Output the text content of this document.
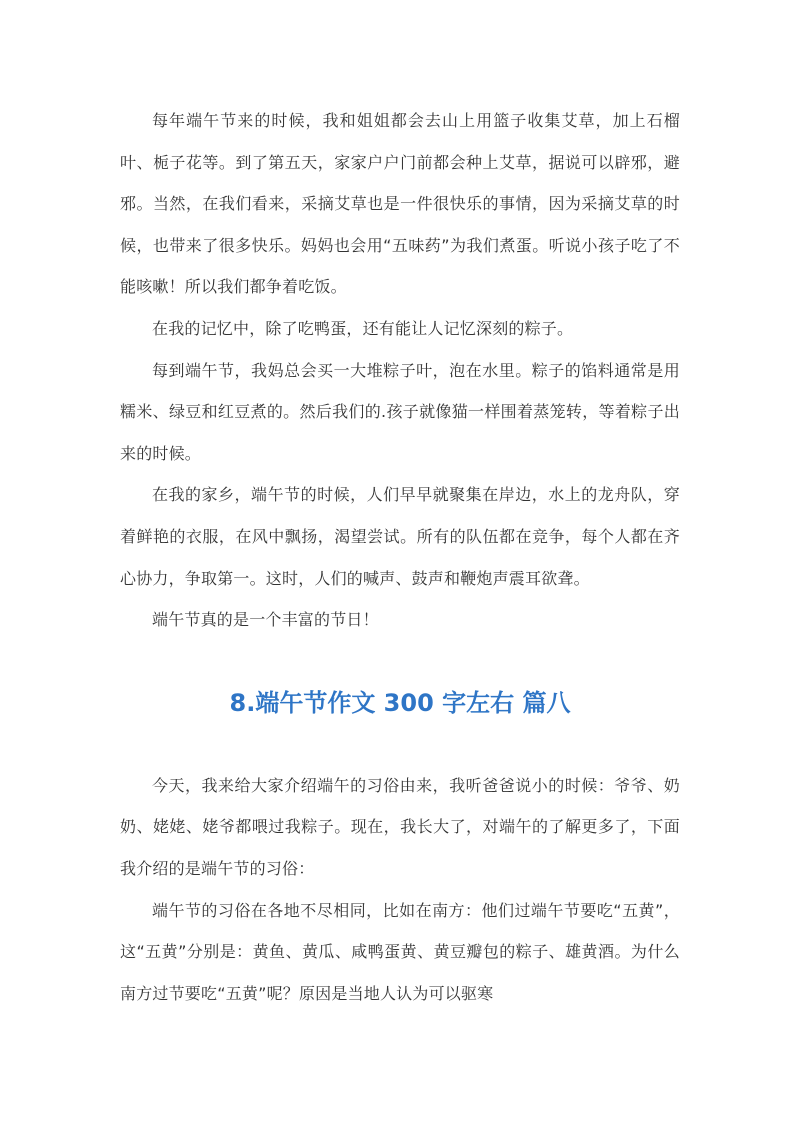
每年端午节来的时候，我和姐姐都会去山上用篮子收集艾草，加上石榴叶、栀子花等。到了第五天，家家户户门前都会种上艾草，据说可以辟邪，避邪。当然，在我们看来，采摘艾草也是一件很快乐的事情，因为采摘艾草的时候，也带来了很多快乐。妈妈也会用“五味药”为我们煮蛋。听说小孩子吃了不能咳嗽！所以我们都争着吃饭。

在我的记忆中，除了吃鸭蛋，还有能让人记忆深刻的粽子。

每到端午节，我妈总会买一大堆粽子叶，泡在水里。粽子的馅料通常是用糯米、绿豆和红豆煮的。然后我们的.孩子就像猫一样围着蒸笼转，等着粽子出来的时候。

在我的家乡，端午节的时候，人们早早就聚集在岸边，水上的龙舟队，穿着鲜艳的衣服，在风中飘扬，渴望尝试。所有的队伍都在竞争，每个人都在齐心协力，争取第一。这时，人们的喊声、鼓声和鞭炮声震耳欲聋。

端午节真的是一个丰富的节日！

8.端午节作文 300 字左右 篇八

今天，我来给大家介绍端午的习俗由来，我听爸爸说小的时候：爷爷、奶奶、姥姥、姥爷都喂过我粽子。现在，我长大了，对端午的了解更多了，下面我介绍的是端午节的习俗：

端午节的习俗在各地不尽相同，比如在南方：他们过端午节要吃“五黄”，这“五黄”分别是：黄鱼、黄瓜、咸鸭蛋黄、黄豆瓣包的粽子、雄黄酒。为什么南方过节要吃“五黄”呢？原因是当地人认为可以驱寒
